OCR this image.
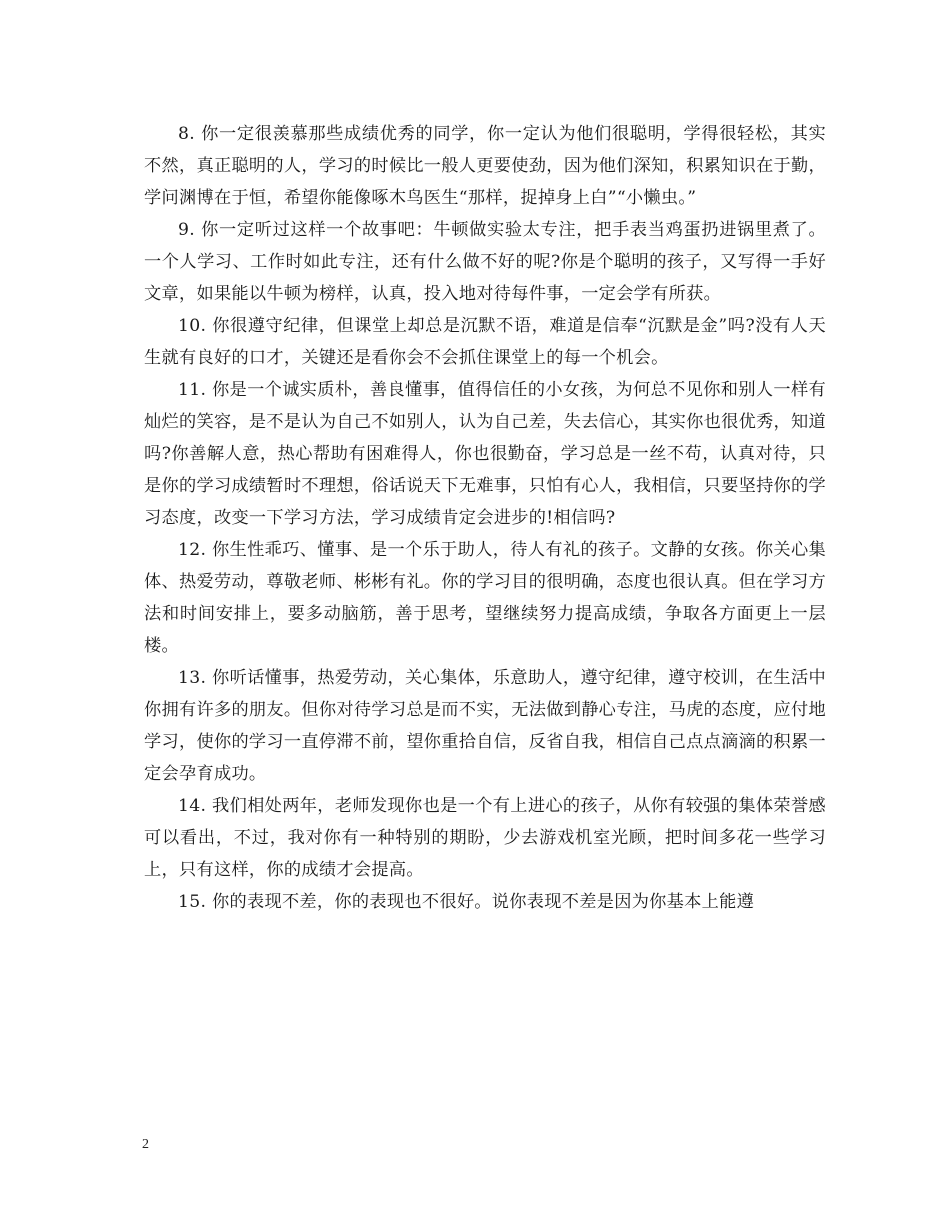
8. 你一定很羡慕那些成绩优秀的同学，你一定认为他们很聪明，学得很轻松，其实不然，真正聪明的人，学习的时候比一般人更要使劲，因为他们深知，积累知识在于勤，学问渊博在于恒，希望你能像啄木鸟医生“那样，捉掉身上白”“小懒虫。”

9. 你一定听过这样一个故事吧：牛顿做实验太专注，把手表当鸡蛋扔进锅里煮了。一个人学习、工作时如此专注，还有什么做不好的呢?你是个聪明的孩子，又写得一手好文章，如果能以牛顿为榜样，认真，投入地对待每件事，一定会学有所获。

10. 你很遵守纪律，但课堂上却总是沉默不语，难道是信奉“沉默是金”吗?没有人天生就有良好的口才，关键还是看你会不会抓住课堂上的每一个机会。

11. 你是一个诚实质朴，善良懂事，值得信任的小女孩，为何总不见你和别人一样有灿烂的笑容，是不是认为自己不如别人，认为自己差，失去信心，其实你也很优秀，知道吗?你善解人意，热心帮助有困难得人，你也很勤奋，学习总是一丝不苟，认真对待，只是你的学习成绩暂时不理想，俗话说天下无难事，只怕有心人，我相信，只要坚持你的学习态度，改变一下学习方法，学习成绩肯定会进步的!相信吗?

12. 你生性乖巧、懂事、是一个乐于助人，待人有礼的孩子。文静的女孩。你关心集体、热爱劳动，尊敬老师、彬彬有礼。你的学习目的很明确，态度也很认真。但在学习方法和时间安排上，要多动脑筋，善于思考，望继续努力提高成绩，争取各方面更上一层楼。

13. 你听话懂事，热爱劳动，关心集体，乐意助人，遵守纪律，遵守校训，在生活中你拥有许多的朋友。但你对待学习总是而不实，无法做到静心专注，马虎的态度，应付地学习，使你的学习一直停滞不前，望你重拾自信，反省自我，相信自己点点滴滴的积累一定会孕育成功。

14. 我们相处两年，老师发现你也是一个有上进心的孩子，从你有较强的集体荣誉感可以看出，不过，我对你有一种特别的期盼，少去游戏机室光顾，把时间多花一些学习上，只有这样，你的成绩才会提高。

15. 你的表现不差，你的表现也不很好。说你表现不差是因为你基本上能遵

2
